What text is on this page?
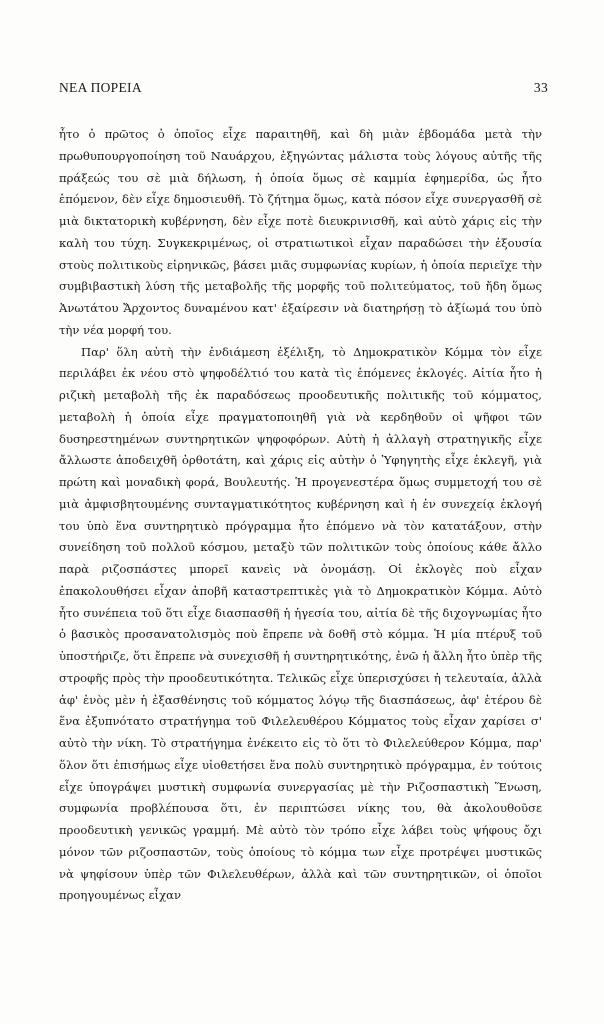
ΝΕΑ ΠΟΡΕΙΑ	33

ἦτο ὁ πρῶτος ὁ ὁποῖος εἶχε παραιτηθῆ, καὶ δὴ μιὰν ἑβδομάδα μετὰ τὴν πρωθυπουργοποίηση τοῦ Ναυάρχου, ἐξηγώντας μάλιστα τοὺς λόγους αὐτῆς τῆς πράξεώς του σὲ μιὰ δήλωση, ἡ ὁποία ὅμως σὲ καμμία ἐφημερίδα, ὡς ἦτο ἑπόμενον, δὲν εἶχε δημοσιευθῆ. Τὸ ζήτημα ὅμως, κατὰ πόσον εἶχε συνεργασθῆ σὲ μιὰ δικτατορικὴ κυβέρνηση, δὲν εἶχε ποτὲ διευκρινισθῆ, καὶ αὐτὸ χάρις εἰς τὴν καλὴ του τύχη. Συγκεκριμένως, οἱ στρατιωτικοὶ εἶχαν παραδώσει τὴν ἐξουσία στοὺς πολιτικοὺς εἰρηνικῶς, βάσει μιᾶς συμφωνίας κυρίων, ἡ ὁποία περιεῖχε τὴν συμβιβαστικὴ λύση τῆς μεταβολῆς τῆς μορφῆς τοῦ πολιτεύματος, τοῦ ἤδη ὅμως Ἀνωτάτου Ἄρχοντος δυναμένου κατ' ἐξαίρεσιν νὰ διατηρήσῃ τὸ ἀξίωμά του ὑπὸ τὴν νέα μορφή του.

Παρ' ὅλη αὐτὴ τὴν ἐνδιάμεση ἐξέλιξη, τὸ Δημοκρατικὸν Κόμμα τὸν εἶχε περιλάβει ἐκ νέου στὸ ψηφοδέλτιό του κατὰ τὶς ἑπόμενες ἐκλογές. Αἰτία ἦτο ἡ ριζικὴ μεταβολὴ τῆς ἐκ παραδόσεως προοδευτικῆς πολιτικῆς τοῦ κόμματος, μεταβολὴ ἡ ὁποία εἶχε πραγματοποιηθῆ γιὰ νὰ κερδηθοῦν οἱ ψῆφοι τῶν δυσηρεστημένων συντηρητικῶν ψηφοφόρων. Αὐτὴ ἡ ἀλλαγὴ στρατηγικῆς εἶχε ἄλλωστε ἀποδειχθῆ ὀρθοτάτη, καὶ χάρις εἰς αὐτὴν ὁ Ὑφηγητὴς εἶχε ἐκλεγῆ, γιὰ πρώτη καὶ μοναδικὴ φορά, Βουλευτής. Ἡ προγενεστέρα ὅμως συμμετοχή του σὲ μιὰ ἀμφισβητουμένης συνταγματικότητος κυβέρνηση καὶ ἡ ἐν συνεχείᾳ ἐκλογή του ὑπὸ ἕνα συντηρητικὸ πρόγραμμα ἦτο ἑπόμενο νὰ τὸν κατατάξουν, στὴν συνείδηση τοῦ πολλοῦ κόσμου, μεταξὺ τῶν πολιτικῶν τοὺς ὁποίους κάθε ἄλλο παρὰ ριζοσπάστες μπορεῖ κανεὶς νὰ ὀνομάσῃ. Οἱ ἐκλογὲς ποὺ εἶχαν ἐπακολουθήσει εἶχαν ἀποβῆ καταστρεπτικὲς γιὰ τὸ Δημοκρατικὸν Κόμμα. Αὐτὸ ἦτο συνέπεια τοῦ ὅτι εἶχε διασπασθῆ ἡ ἡγεσία του, αἰτία δὲ τῆς διχογνωμίας ἦτο ὁ βασικὸς προσανατολισμὸς ποὺ ἔπρεπε νὰ δοθῆ στὸ κόμμα. Ἡ μία πτέρυξ τοῦ ὑποστήριζε, ὅτι ἔπρεπε νὰ συνεχισθῆ ἡ συντηρητικότης, ἐνῶ ἡ ἄλλη ἦτο ὑπὲρ τῆς στροφῆς πρὸς τὴν προοδευτικότητα. Τελικῶς εἶχε ὑπερισχύσει ἡ τελευταία, ἀλλὰ ἀφ' ἑνὸς μὲν ἡ ἐξασθένησις τοῦ κόμματος λόγῳ τῆς διασπάσεως, ἀφ' ἑτέρου δὲ ἕνα ἐξυπνότατο στρατήγημα τοῦ Φιλελευθέρου Κόμματος τοὺς εἶχαν χαρίσει σ' αὐτὸ τὴν νίκη. Τὸ στρατήγημα ἐνέκειτο εἰς τὸ ὅτι τὸ Φιλελεύθερον Κόμμα, παρ' ὅλον ὅτι ἐπισήμως εἶχε υἱοθετήσει ἕνα πολὺ συντηρητικὸ πρόγραμμα, ἐν τούτοις εἶχε ὑπογράψει μυστικὴ συμφωνία συνεργασίας μὲ τὴν Ριζοσπαστικὴ Ἕνωση, συμφωνία προβλέπουσα ὅτι, ἐν περιπτώσει νίκης του, θὰ ἀκολουθοῦσε προοδευτικὴ γενικῶς γραμμή. Μὲ αὐτὸ τὸν τρόπο εἶχε λάβει τοὺς ψήφους ὄχι μόνον τῶν ριζοσπαστῶν, τοὺς ὁποίους τὸ κόμμα των εἶχε προτρέψει μυστικῶς νὰ ψηφίσουν ὑπὲρ τῶν Φιλελευθέρων, ἀλλὰ καὶ τῶν συντηρητικῶν, οἱ ὁποῖοι προηγουμένως εἶχαν
